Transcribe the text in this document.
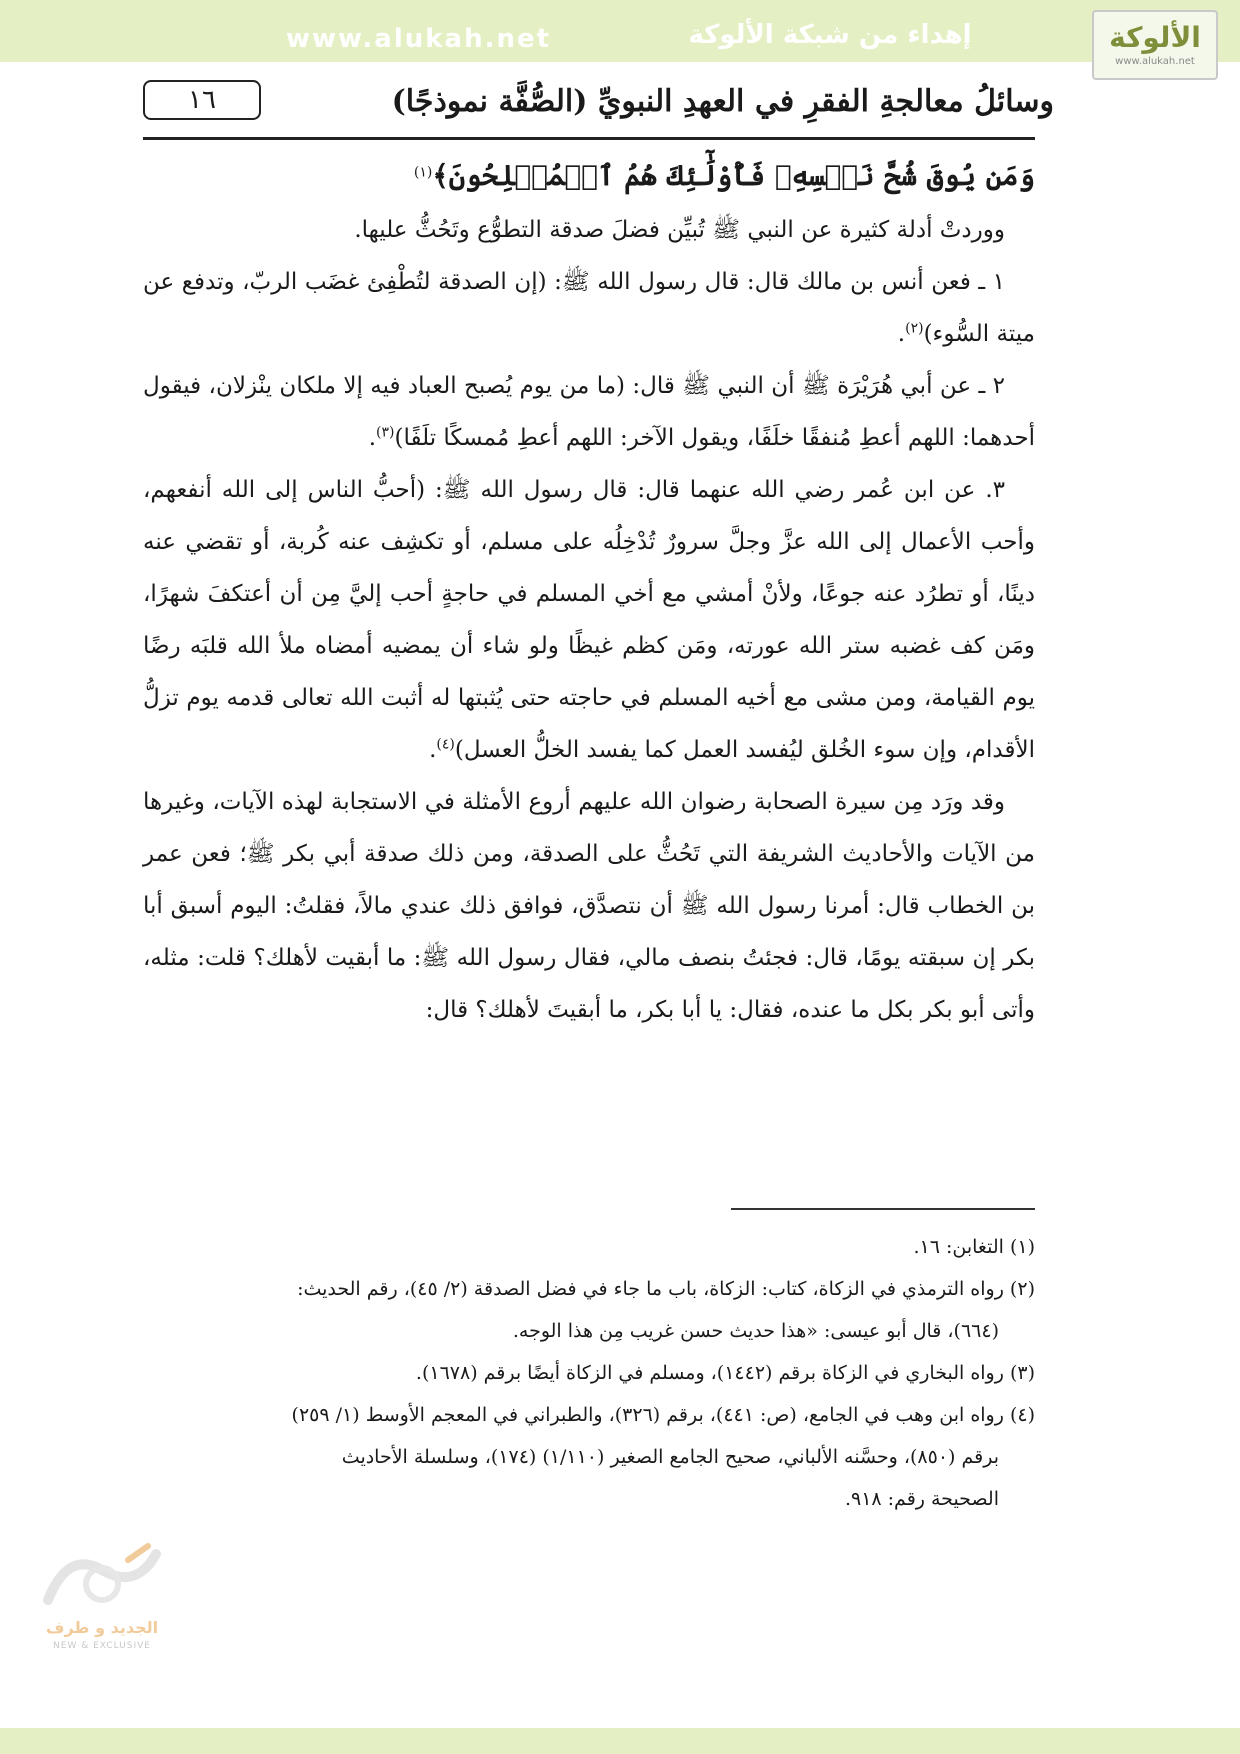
www.alukah.net	إهداء من شبكة الألوكة	الألوكة
www.alukah.net
١٦	وسائلُ معالجةِ الفقرِ في العهدِ النبويِّ (الصُّفَّة نموذجًا)

وَمَن يُوقَ شُحَّ نَفۡسِهِۦ فَأُوْلَٰٓئِكَ هُمُ ٱلۡمُفۡلِحُونَ﴾$^{(١)}$

ووردتْ أدلة كثيرة عن النبي ﷺ تُبيِّن فضلَ صدقة التطوُّع وتَحُثُّ عليها.

١ ـ فعن أنس بن مالك قال: قال رسول الله ﷺ: (إن الصدقة لتُطْفِئ غضَب الربّ، وتدفع عن ميتة السُّوء)$^{(٢)}$.

٢ ـ عن أبي هُرَيْرَة ﷺ أن النبي ﷺ قال: (ما من يوم يُصبح العباد فيه إلا ملكان ينْزلان، فيقول أحدهما: اللهم أعطِ مُنفقًا خلَفًا، ويقول الآخر: اللهم أعطِ مُمسكًا تلَفًا)$^{(٣)}$.

٣. عن ابن عُمر رضي الله عنهما قال: قال رسول الله ﷺ: (أحبُّ الناس إلى الله أنفعهم، وأحب الأعمال إلى الله عزَّ وجلَّ سرورٌ تُدْخِلُه على مسلم، أو تكشِف عنه كُربة، أو تقضي عنه دينًا، أو تطرُد عنه جوعًا، ولأنْ أمشي مع أخي المسلم في حاجةٍ أحب إليَّ مِن أن أعتكفَ شهرًا، ومَن كف غضبه ستر الله عورته، ومَن كظم غيظًا ولو شاء أن يمضيه أمضاه ملأ الله قلبَه رضًا يوم القيامة، ومن مشى مع أخيه المسلم في حاجته حتى يُثبتها له أثبت الله تعالى قدمه يوم تزلُّ الأقدام، وإن سوء الخُلق ليُفسد العمل كما يفسد الخلُّ العسل)$^{(٤)}$.

وقد ورَد مِن سيرة الصحابة رضوان الله عليهم أروع الأمثلة في الاستجابة لهذه الآيات، وغيرها من الآيات والأحاديث الشريفة التي تَحُثُّ على الصدقة، ومن ذلك صدقة أبي بكر ﷺ؛ فعن عمر بن الخطاب قال: أمرنا رسول الله ﷺ أن نتصدَّق، فوافق ذلك عندي مالاً، فقلتُ: اليوم أسبق أبا بكر إن سبقته يومًا، قال: فجئتُ بنصف مالي، فقال رسول الله ﷺ: ما أبقيت لأهلك؟ قلت: مثله، وأتى أبو بكر بكل ما عنده، فقال: يا أبا بكر، ما أبقيتَ لأهلك؟ قال:

(١) التغابن: ١٦.

(٢) رواه الترمذي في الزكاة، كتاب: الزكاة، باب ما جاء في فضل الصدقة (٢/ ٤٥)، رقم الحديث:

(٦٦٤)، قال أبو عيسى: «هذا حديث حسن غريب مِن هذا الوجه.

(٣) رواه البخاري في الزكاة برقم (١٤٤٢)، ومسلم في الزكاة أيضًا برقم (١٦٧٨).

(٤) رواه ابن وهب في الجامع، (ص: ٤٤١)، برقم (٣٢٦)، والطبراني في المعجم الأوسط (١/ ٢٥٩)

برقم (٨٥٠)، وحسَّنه الألباني، صحيح الجامع الصغير (١/١١٠) (١٧٤)، وسلسلة الأحاديث

الصحيحة رقم: ٩١٨.

الجديد و طرف
NEW & EXCLUSIVE
